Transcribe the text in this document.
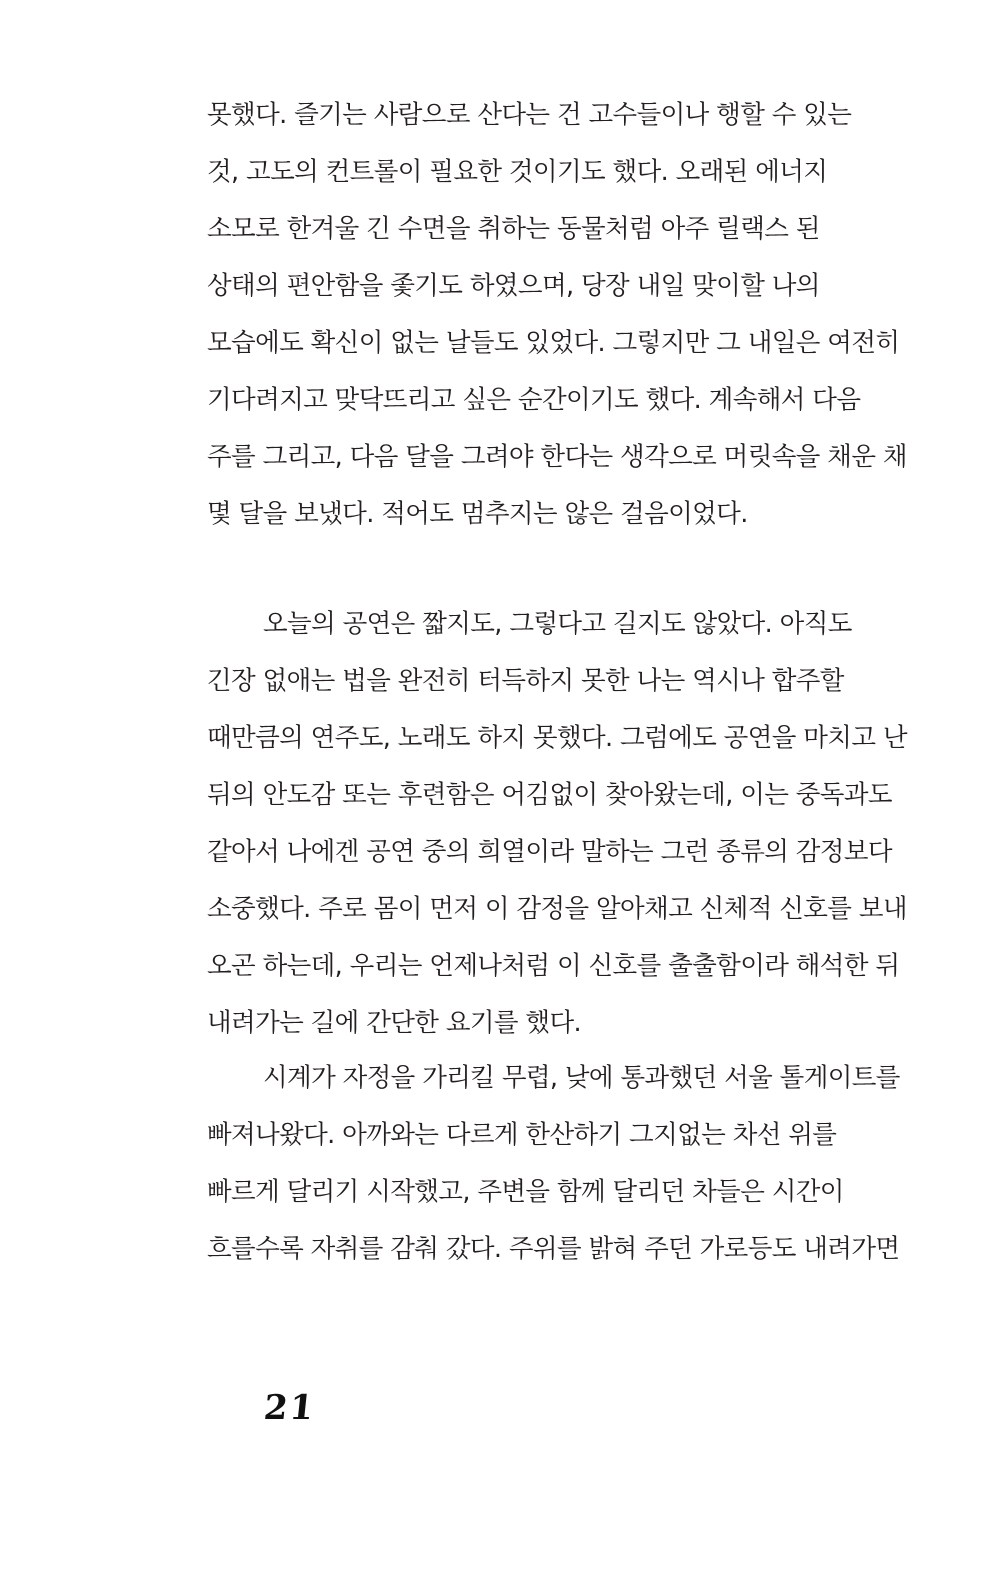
못했다. 즐기는 사람으로 산다는 건 고수들이나 행할 수 있는
것, 고도의 컨트롤이 필요한 것이기도 했다. 오래된 에너지
소모로 한겨울 긴 수면을 취하는 동물처럼 아주 릴랙스 된
상태의 편안함을 좇기도 하였으며, 당장 내일 맞이할 나의
모습에도 확신이 없는 날들도 있었다. 그렇지만 그 내일은 여전히
기다려지고 맞닥뜨리고 싶은 순간이기도 했다. 계속해서 다음
주를 그리고, 다음 달을 그려야 한다는 생각으로 머릿속을 채운 채
몇 달을 보냈다. 적어도 멈추지는 않은 걸음이었다.
오늘의 공연은 짧지도, 그렇다고 길지도 않았다. 아직도
긴장 없애는 법을 완전히 터득하지 못한 나는 역시나 합주할
때만큼의 연주도, 노래도 하지 못했다. 그럼에도 공연을 마치고 난
뒤의 안도감 또는 후련함은 어김없이 찾아왔는데, 이는 중독과도
같아서 나에겐 공연 중의 희열이라 말하는 그런 종류의 감정보다
소중했다. 주로 몸이 먼저 이 감정을 알아채고 신체적 신호를 보내
오곤 하는데, 우리는 언제나처럼 이 신호를 출출함이라 해석한 뒤
내려가는 길에 간단한 요기를 했다.
시계가 자정을 가리킬 무렵, 낮에 통과했던 서울 톨게이트를
빠져나왔다. 아까와는 다르게 한산하기 그지없는 차선 위를
빠르게 달리기 시작했고, 주변을 함께 달리던 차들은 시간이
흐를수록 자취를 감춰 갔다. 주위를 밝혀 주던 가로등도 내려가면
21
